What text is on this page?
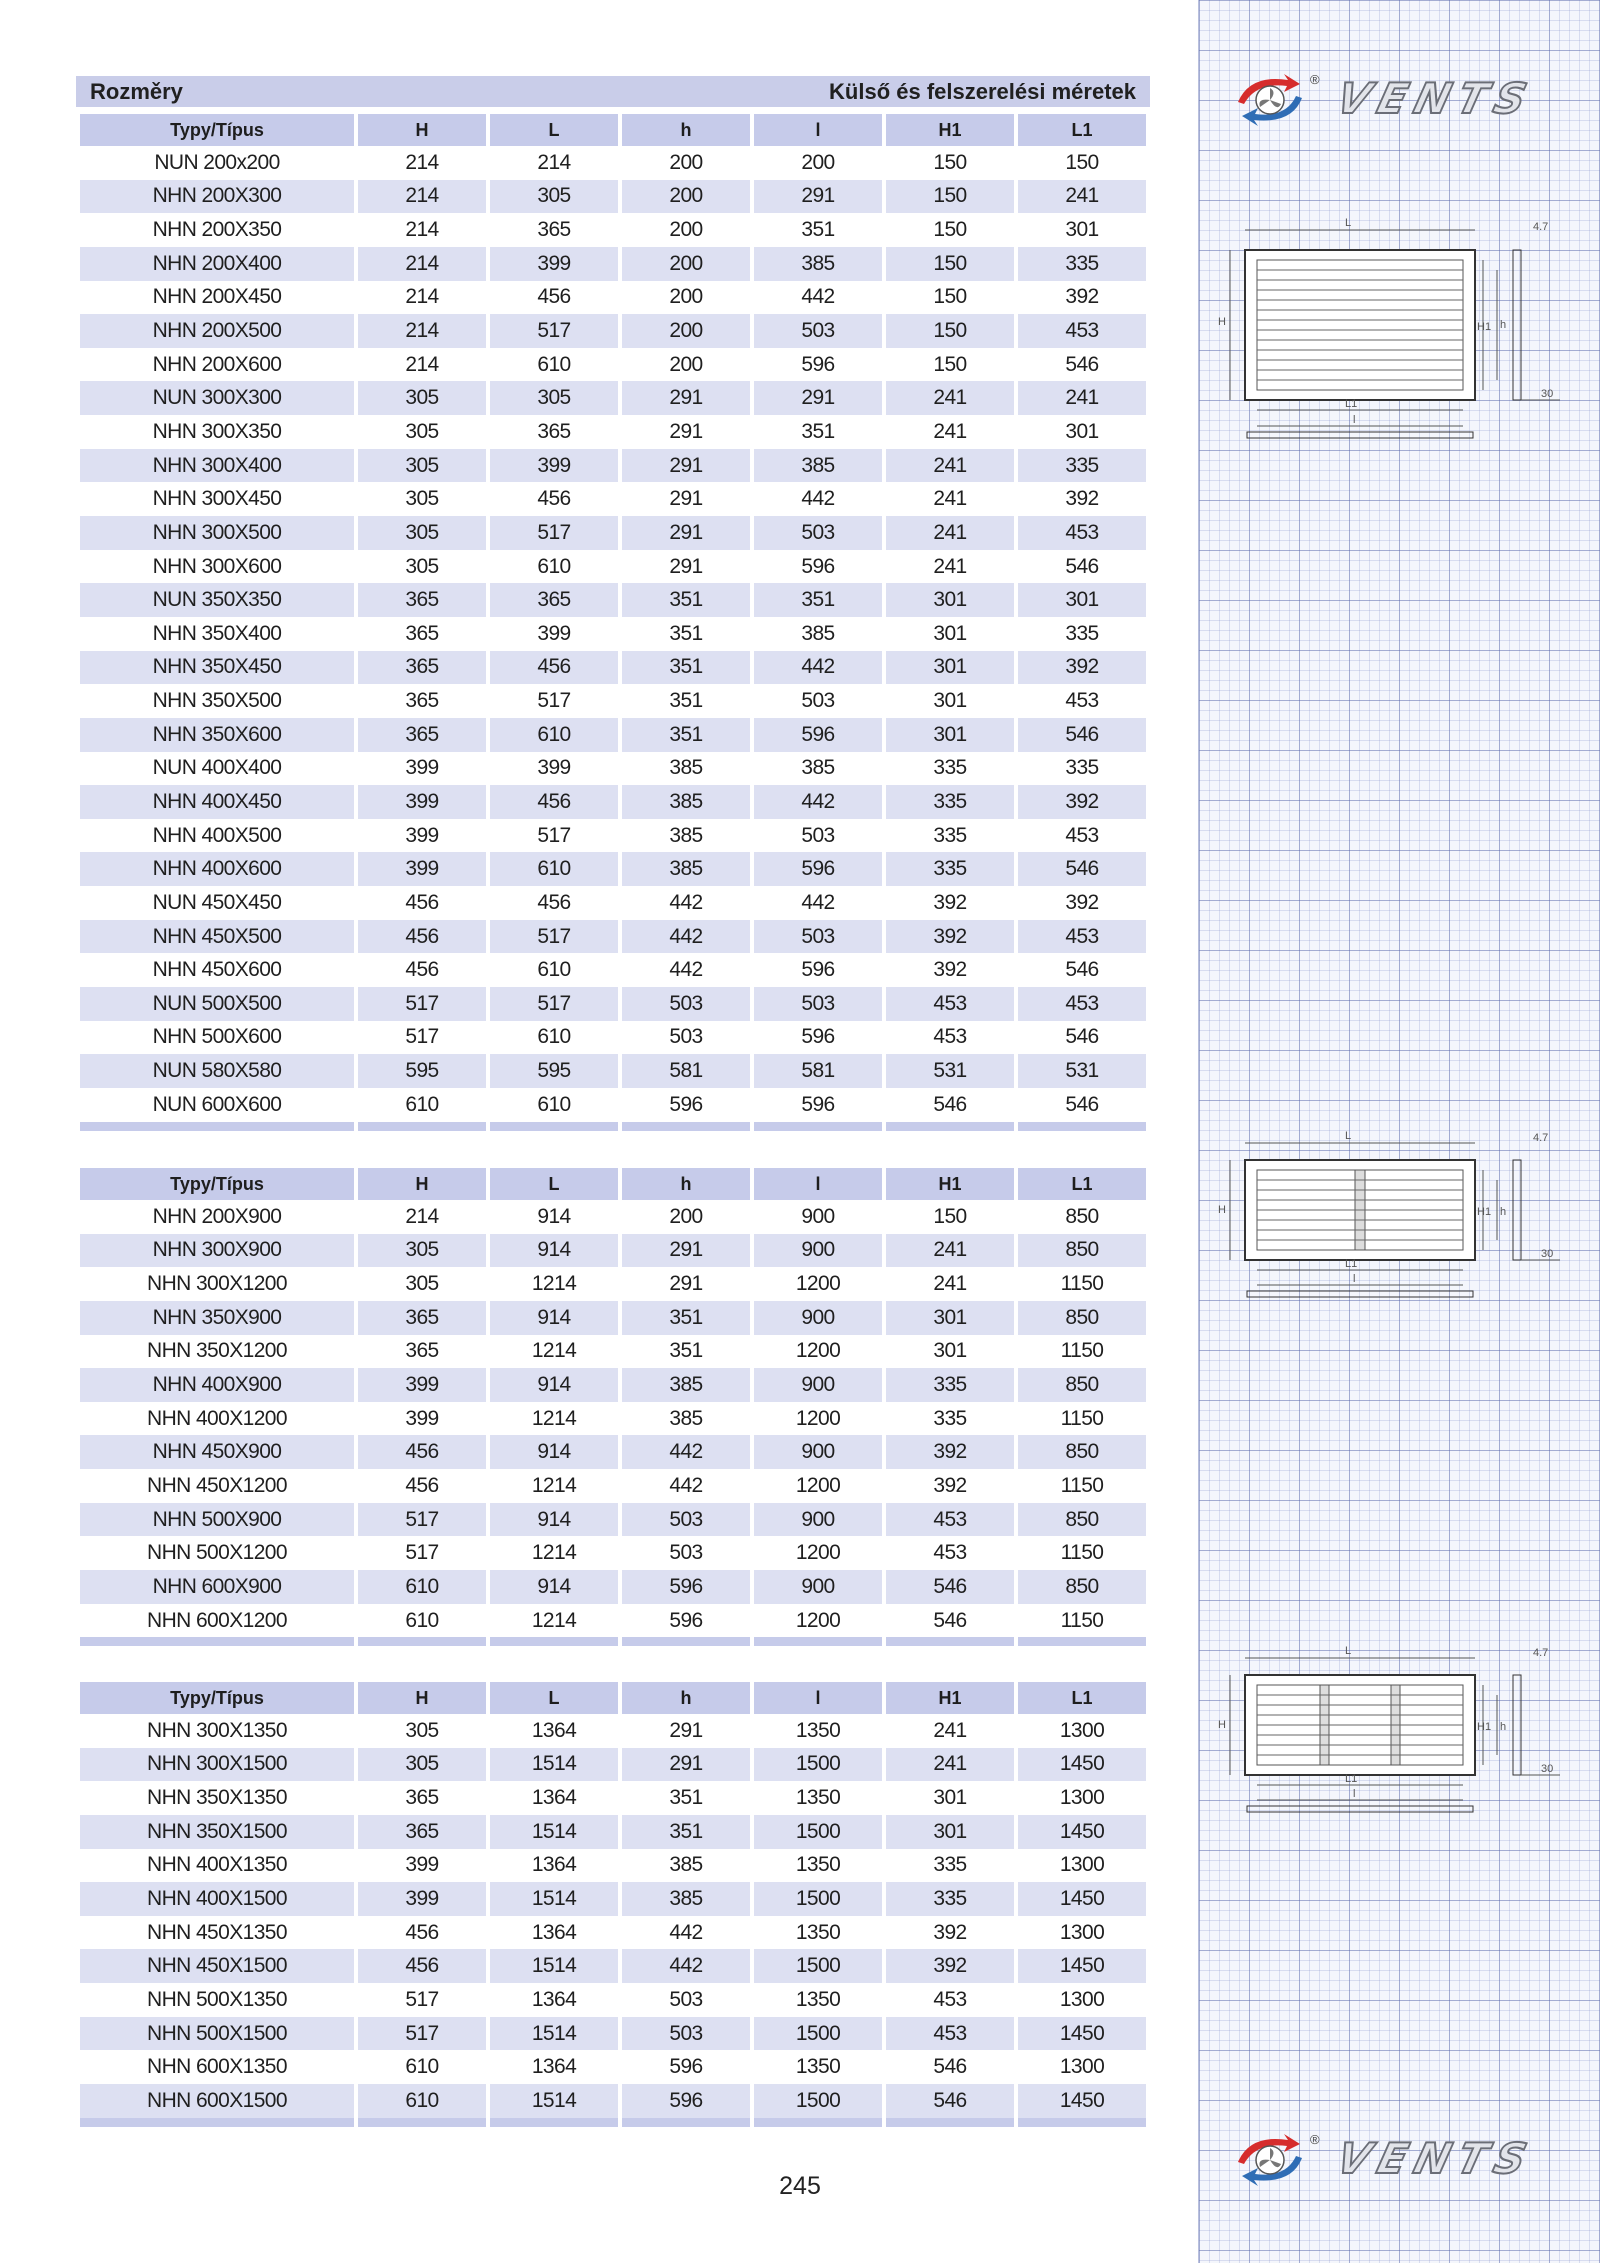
® VENTS
® VENTS
L
H
L1
l
H1 h
4.7
30
L
H
L1
l
H1 h
4.7
30
L
H
L1
l
H1 h
4.7
30
Rozměry	Külső és felszerelési méretek
Typy/Típus	H	L	h	l	H1	L1
NUN 200x200	214	214	200	200	150	150
NHN 200X300	214	305	200	291	150	241
NHN 200X350	214	365	200	351	150	301
NHN 200X400	214	399	200	385	150	335
NHN 200X450	214	456	200	442	150	392
NHN 200X500	214	517	200	503	150	453
NHN 200X600	214	610	200	596	150	546
NUN 300X300	305	305	291	291	241	241
NHN 300X350	305	365	291	351	241	301
NHN 300X400	305	399	291	385	241	335
NHN 300X450	305	456	291	442	241	392
NHN 300X500	305	517	291	503	241	453
NHN 300X600	305	610	291	596	241	546
NUN 350X350	365	365	351	351	301	301
NHN 350X400	365	399	351	385	301	335
NHN 350X450	365	456	351	442	301	392
NHN 350X500	365	517	351	503	301	453
NHN 350X600	365	610	351	596	301	546
NUN 400X400	399	399	385	385	335	335
NHN 400X450	399	456	385	442	335	392
NHN 400X500	399	517	385	503	335	453
NHN 400X600	399	610	385	596	335	546
NUN 450X450	456	456	442	442	392	392
NHN 450X500	456	517	442	503	392	453
NHN 450X600	456	610	442	596	392	546
NUN 500X500	517	517	503	503	453	453
NHN 500X600	517	610	503	596	453	546
NUN 580X580	595	595	581	581	531	531
NUN 600X600	610	610	596	596	546	546

Typy/Típus	H	L	h	l	H1	L1
NHN 200X900	214	914	200	900	150	850
NHN 300X900	305	914	291	900	241	850
NHN 300X1200	305	1214	291	1200	241	1150
NHN 350X900	365	914	351	900	301	850
NHN 350X1200	365	1214	351	1200	301	1150
NHN 400X900	399	914	385	900	335	850
NHN 400X1200	399	1214	385	1200	335	1150
NHN 450X900	456	914	442	900	392	850
NHN 450X1200	456	1214	442	1200	392	1150
NHN 500X900	517	914	503	900	453	850
NHN 500X1200	517	1214	503	1200	453	1150
NHN 600X900	610	914	596	900	546	850
NHN 600X1200	610	1214	596	1200	546	1150

Typy/Típus	H	L	h	l	H1	L1
NHN 300X1350	305	1364	291	1350	241	1300
NHN 300X1500	305	1514	291	1500	241	1450
NHN 350X1350	365	1364	351	1350	301	1300
NHN 350X1500	365	1514	351	1500	301	1450
NHN 400X1350	399	1364	385	1350	335	1300
NHN 400X1500	399	1514	385	1500	335	1450
NHN 450X1350	456	1364	442	1350	392	1300
NHN 450X1500	456	1514	442	1500	392	1450
NHN 500X1350	517	1364	503	1350	453	1300
NHN 500X1500	517	1514	503	1500	453	1450
NHN 600X1350	610	1364	596	1350	546	1300
NHN 600X1500	610	1514	596	1500	546	1450

245
